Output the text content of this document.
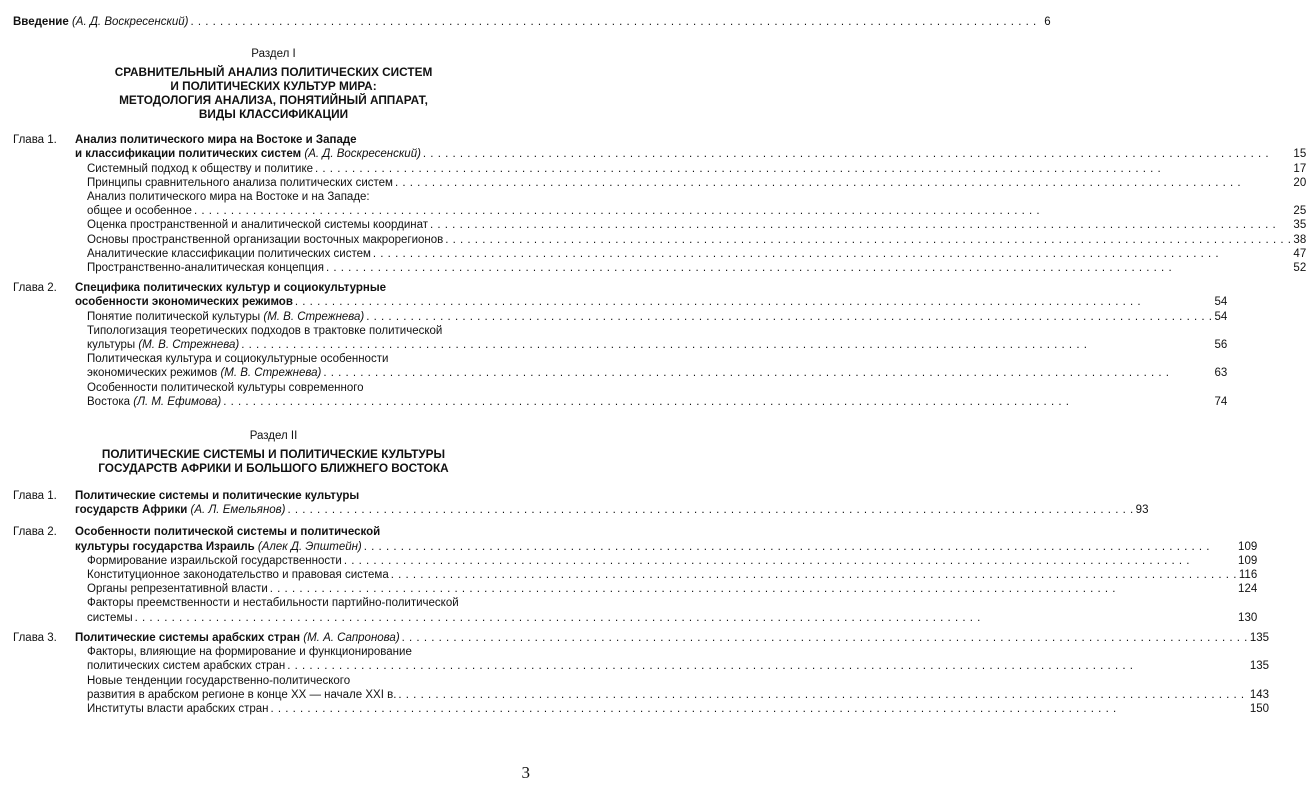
Введение (А. Д. Воскресенский) . . .	6
Раздел I
СРАВНИТЕЛЬНЫЙ АНАЛИЗ ПОЛИТИЧЕСКИХ СИСТЕМ
И ПОЛИТИЧЕСКИХ КУЛЬТУР МИРА:
МЕТОДОЛОГИЯ АНАЛИЗА, ПОНЯТИЙНЫЙ АППАРАТ,
ВИДЫ КЛАССИФИКАЦИИ
Глава 1.	Анализ политического мира на Востоке и Западе
и классификации политических систем (А. Д. Воскресенский) . . .	15
Системный подход к обществу и политике . . .	17
Принципы сравнительного анализа политических систем . . .	20
Анализ политического мира на Востоке и на Западе:
общее и особенное . . .	25
Оценка пространственной и аналитической системы координат . . .	35
Основы пространственной организации восточных макрорегионов . . .	38
Аналитические классификации политических систем . . .	47
Пространственно-аналитическая концепция . . .	52
Глава 2.	Специфика политических культур и социокультурные
особенности экономических режимов . . .	54
Понятие политической культуры (М. В. Стрежнева) . . .	54
Типологизация теоретических подходов в трактовке политической
культуры (М. В. Стрежнева) . . .	56
Политическая культура и социокультурные особенности
экономических режимов (М. В. Стрежнева) . . .	63
Особенности политической культуры современного
Востока (Л. М. Ефимова) . . .	74
Раздел II
ПОЛИТИЧЕСКИЕ СИСТЕМЫ И ПОЛИТИЧЕСКИЕ КУЛЬТУРЫ
ГОСУДАРСТВ АФРИКИ И БОЛЬШОГО БЛИЖНЕГО ВОСТОКА
Глава 1.	Политические системы и политические культуры
государств Африки (А. Л. Емельянов) . . .	93
Глава 2.	Особенности политической системы и политической
культуры государства Израиль (Алек Д. Эпштейн) . . .	109
Формирование израильской государственности . . .	109
Конституционное законодательство и правовая система . . .	116
Органы репрезентативной власти . . .	124
Факторы преемственности и нестабильности партийно-политической
системы . . .	130
Глава 3.	Политические системы арабских стран (М. А. Сапронова) . . .	135
Факторы, влияющие на формирование и функционирование
политических систем арабских стран . . .	135
Новые тенденции государственно-политического
развития в арабском регионе в конце XX — начале XXI в. . . .	143
Институты власти арабских стран . . .	150
3
